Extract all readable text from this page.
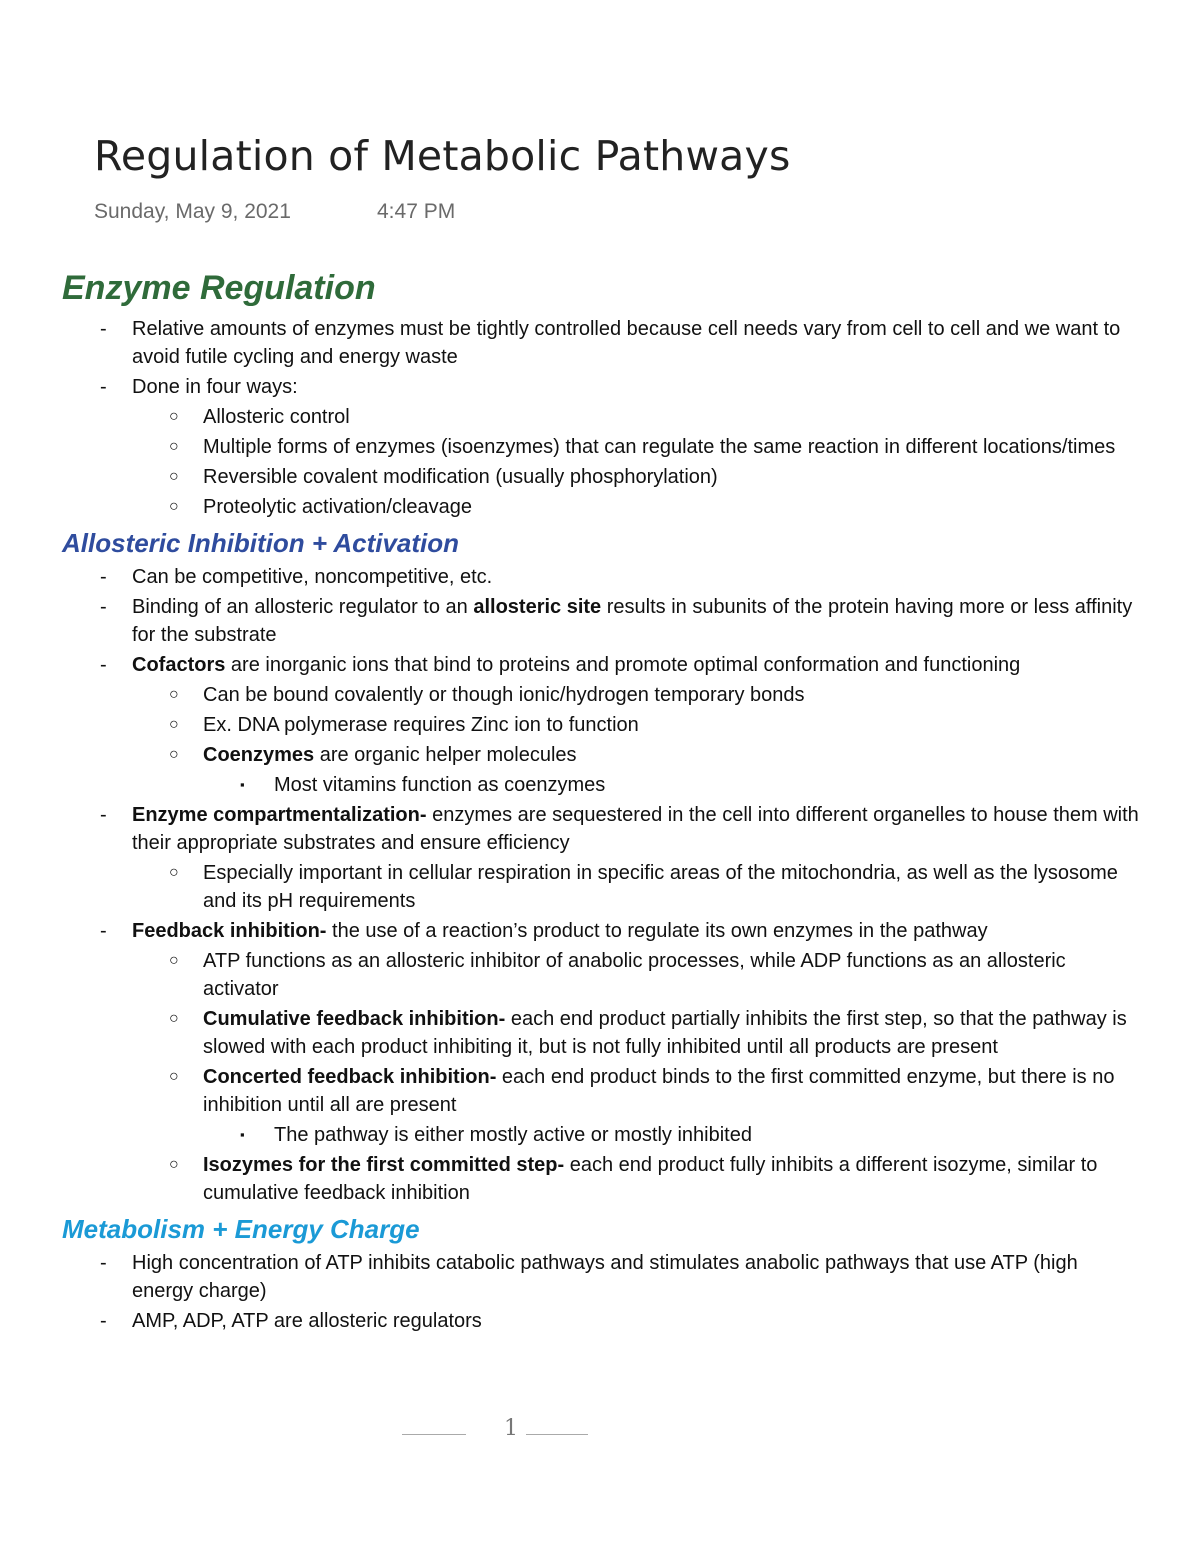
Regulation of Metabolic Pathways
Sunday, May 9, 2021	4:47 PM
Enzyme Regulation
- Relative amounts of enzymes must be tightly controlled because cell needs vary from cell to cell and we want to avoid futile cycling and energy waste
- Done in four ways:
○ Allosteric control
○ Multiple forms of enzymes (isoenzymes) that can regulate the same reaction in different locations/times
○ Reversible covalent modification (usually phosphorylation)
○ Proteolytic activation/cleavage
Allosteric Inhibition + Activation
- Can be competitive, noncompetitive, etc.
- Binding of an allosteric regulator to an allosteric site results in subunits of the protein having more or less affinity for the substrate
- Cofactors are inorganic ions that bind to proteins and promote optimal conformation and functioning
○ Can be bound covalently or though ionic/hydrogen temporary bonds
○ Ex. DNA polymerase requires Zinc ion to function
○ Coenzymes are organic helper molecules
▪ Most vitamins function as coenzymes
- Enzyme compartmentalization- enzymes are sequestered in the cell into different organelles to house them with their appropriate substrates and ensure efficiency
○ Especially important in cellular respiration in specific areas of the mitochondria, as well as the lysosome and its pH requirements
- Feedback inhibition- the use of a reaction’s product to regulate its own enzymes in the pathway
○ ATP functions as an allosteric inhibitor of anabolic processes, while ADP functions as an allosteric activator
○ Cumulative feedback inhibition- each end product partially inhibits the first step, so that the pathway is slowed with each product inhibiting it, but is not fully inhibited until all products are present
○ Concerted feedback inhibition- each end product binds to the first committed enzyme, but there is no inhibition until all are present
▪ The pathway is either mostly active or mostly inhibited
○ Isozymes for the first committed step- each end product fully inhibits a different isozyme, similar to cumulative feedback inhibition
Metabolism + Energy Charge
- High concentration of ATP inhibits catabolic pathways and stimulates anabolic pathways that use ATP (high energy charge)
- AMP, ADP, ATP are allosteric regulators
1
